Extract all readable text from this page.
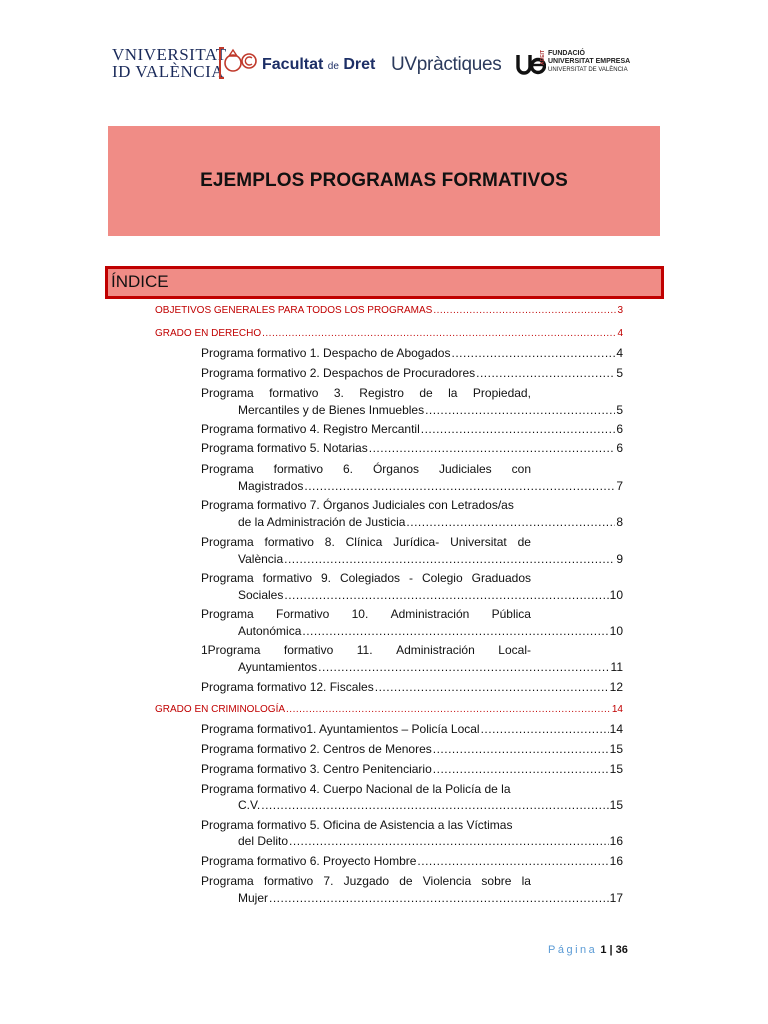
VNIVERSITAT
ID VALÈNCIA Facultat de Dret UVpràctiques	ADEIT FUNDACIÓ
UNIVERSITAT EMPRESA
UNIVERSITAT DE VALÈNCIA
EJEMPLOS PROGRAMAS FORMATIVOS
ÍNDICE
OBJETIVOS GENERALES PARA TODOS LOS PROGRAMAS .....	3
GRADO EN DERECHO .....	4
Programa formativo 1. Despacho de Abogados .....	4
Programa formativo 2. Despachos de Procuradores .....	5
Programa formativo 3. Registro de la Propiedad,
Mercantiles y de Bienes Inmuebles .....	5
Programa formativo 4. Registro Mercantil .....	6
Programa formativo 5. Notarias .....	6
Programa formativo 6. Órganos Judiciales con
Magistrados .....	7
Programa formativo 7. Órganos Judiciales con Letrados/as
de la Administración de Justicia .....	8
Programa formativo 8. Clínica Jurídica- Universitat de
València .....	9
Programa formativo 9. Colegiados - Colegio Graduados
Sociales .....	10
Programa Formativo 10. Administración Pública
Autonómica .....	10
1Programa formativo 11. Administración Local-
Ayuntamientos .....	11
Programa formativo 12. Fiscales .....	12
GRADO EN CRIMINOLOGÍA .....	14
Programa formativo1. Ayuntamientos – Policía Local .....	14
Programa formativo 2. Centros de Menores .....	15
Programa formativo 3. Centro Penitenciario .....	15
Programa formativo 4. Cuerpo Nacional de la Policía de la
C.V. .....	15
Programa formativo 5. Oficina de Asistencia a las Víctimas
del Delito .....	16
Programa formativo 6. Proyecto Hombre .....	16
Programa formativo 7. Juzgado de Violencia sobre la
Mujer .....	17
Página 1 | 36
